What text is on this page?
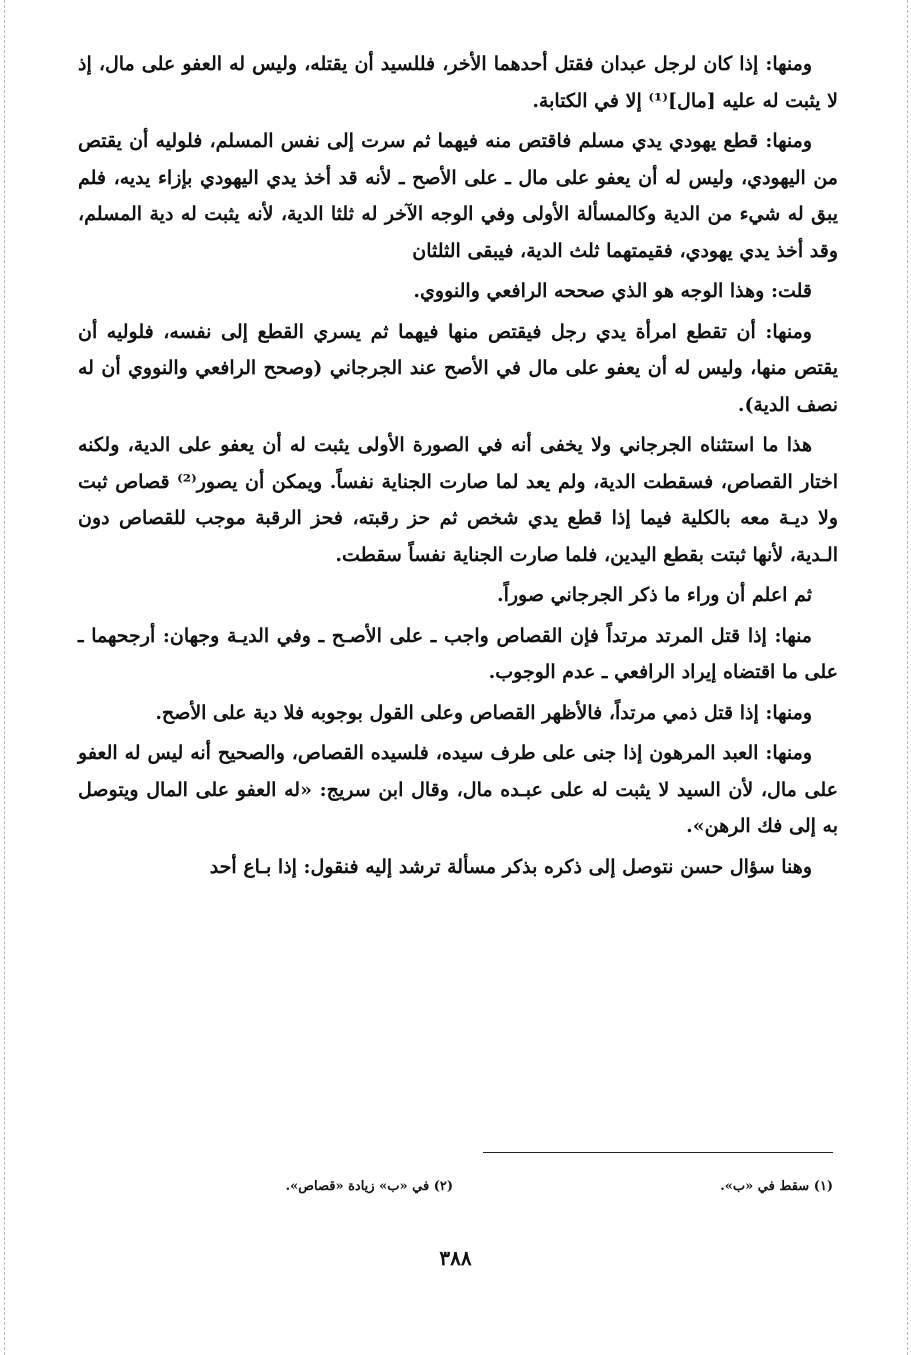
ومنها: إذا كان لرجل عبدان فقتل أحدهما الأخر، فللسيد أن يقتله، وليس له العفو على مال، إذ لا يثبت له عليه [مال]⁽¹⁾ إلا في الكتابة.

ومنها: قطع يهودي يدي مسلم فاقتص منه فيهما ثم سرت إلى نفس المسلم، فلوليه أن يقتص من اليهودي، وليس له أن يعفو على مال ـ على الأصح ـ لأنه قد أخذ يدي اليهودي بإزاء يديه، فلم يبق له شيء من الدية وكالمسألة الأولى وفي الوجه الآخر له ثلثا الدية، لأنه يثبت له دية المسلم، وقد أخذ يدي يهودي، فقيمتهما ثلث الدية، فيبقى الثلثان

قلت: وهذا الوجه هو الذي صححه الرافعي والنووي.

ومنها: أن تقطع امرأة يدي رجل فيقتص منها فيهما ثم يسري القطع إلى نفسه، فلوليه أن يقتص منها، وليس له أن يعفو على مال في الأصح عند الجرجاني (وصحح الرافعي والنووي أن له نصف الدية).

هذا ما استثناه الجرجاني ولا يخفى أنه في الصورة الأولى يثبت له أن يعفو على الدية، ولكنه اختار القصاص، فسقطت الدية، ولم يعد لما صارت الجناية نفساً. ويمكن أن يصور⁽²⁾ قصاص ثبت ولا ديـة معه بالكلية فيما إذا قطع يدي شخص ثم حز رقبته، فحز الرقبة موجب للقصاص دون الـدية، لأنها ثبتت بقطع اليدين، فلما صارت الجناية نفساً سقطت.

ثم اعلم أن وراء ما ذكر الجرجاني صوراً.

منها: إذا قتل المرتد مرتداً فإن القصاص واجب ـ على الأصـح ـ وفي الديـة وجهان: أرجحهما ـ على ما اقتضاه إيراد الرافعي ـ عدم الوجوب.

ومنها: إذا قتل ذمي مرتداً، فالأظهر القصاص وعلى القول بوجوبه فلا دية على الأصح.

ومنها: العبد المرهون إذا جنى على طرف سيده، فلسيده القصاص، والصحيح أنه ليس له العفو على مال، لأن السيد لا يثبت له على عبـده مال، وقال ابن سريج: «له العفو على المال ويتوصل به إلى فك الرهن».

وهنا سؤال حسن نتوصل إلى ذكره بذكر مسألة ترشد إليه فنقول: إذا بـاع أحد

(١) سقط في «ب».
(٢) في «ب» زيادة «قصاص».
٣٨٨
